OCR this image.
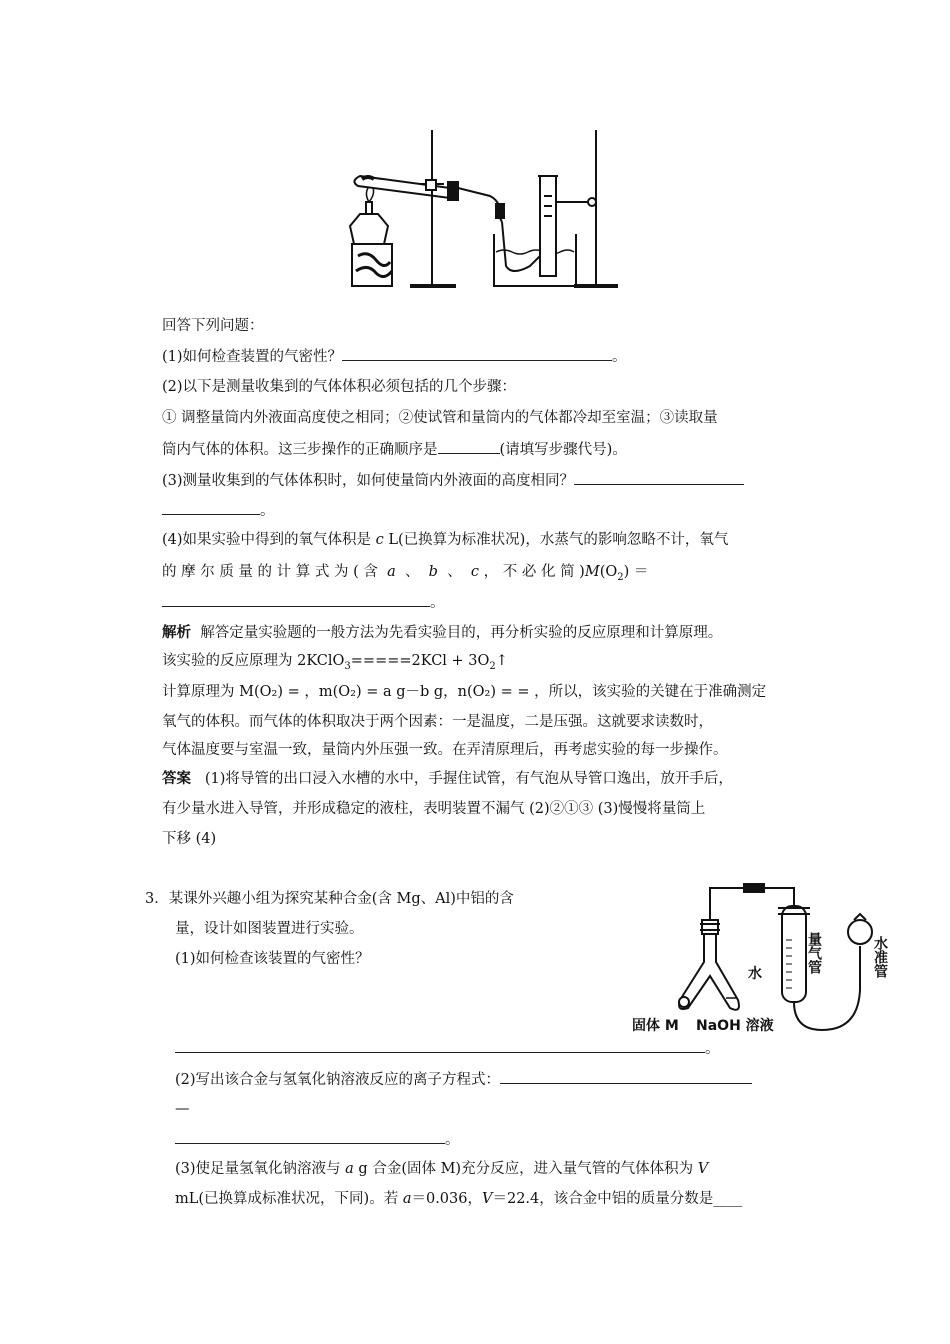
回答下列问题：
(1)如何检查装置的气密性？	。
(2)以下是测量收集到的气体体积必须包括的几个步骤：
① 调整量筒内外液面高度使之相同；②使试管和量筒内的气体都冷却至室温；③读取量
筒内气体的体积。这三步操作的正确顺序是	(请填写步骤代号)。
(3)测量收集到的气体体积时，如何使量筒内外液面的高度相同？
。
(4)如果实验中得到的氧气体积是 c L(已换算为标准状况)，水蒸气的影响忽略不计，氧气
的 摩 尔 质 量 的 计 算 式 为 ( 含 a 、 b 、 c ， 不 必 化 简 )$M(O_2)$ ＝
。
解析 解答定量实验题的一般方法为先看实验目的，再分析实验的反应原理和计算原理。
该实验的反应原理为 2KClO$_3$=====2KCl + $3O_2↑$
计算原理为 M(O₂) = ，m(O₂) = a g－b g，n(O₂) = = ，所以，该实验的关键在于准确测定
氧气的体积。而气体的体积取决于两个因素：一是温度，二是压强。这就要求读数时，
气体温度要与室温一致，量筒内外压强一致。在弄清原理后，再考虑实验的每一步操作。
答案 (1)将导管的出口浸入水槽的水中，手握住试管，有气泡从导管口逸出，放开手后，
有少量水进入导管，并形成稳定的液柱，表明装置不漏气 (2)②①③ (3)慢慢将量筒上
下移 (4)
3．某课外兴趣小组为探究某种合金(含 Mg、Al)中铝的含
量，设计如图装置进行实验。
(1)如何检查该装置的气密性？
。
(2)写出该合金与氢氧化钠溶液反应的离子方程式：
—
。
(3)使足量氢氧化钠溶液与 a g 合金(固体 M)充分反应，进入量气管的气体体积为 V
mL(已换算成标准状况，下同)。若 a＝0.036，V＝22.4，该合金中铝的质量分数是____
水	量气管	水准管
固体 M NaOH 溶液
